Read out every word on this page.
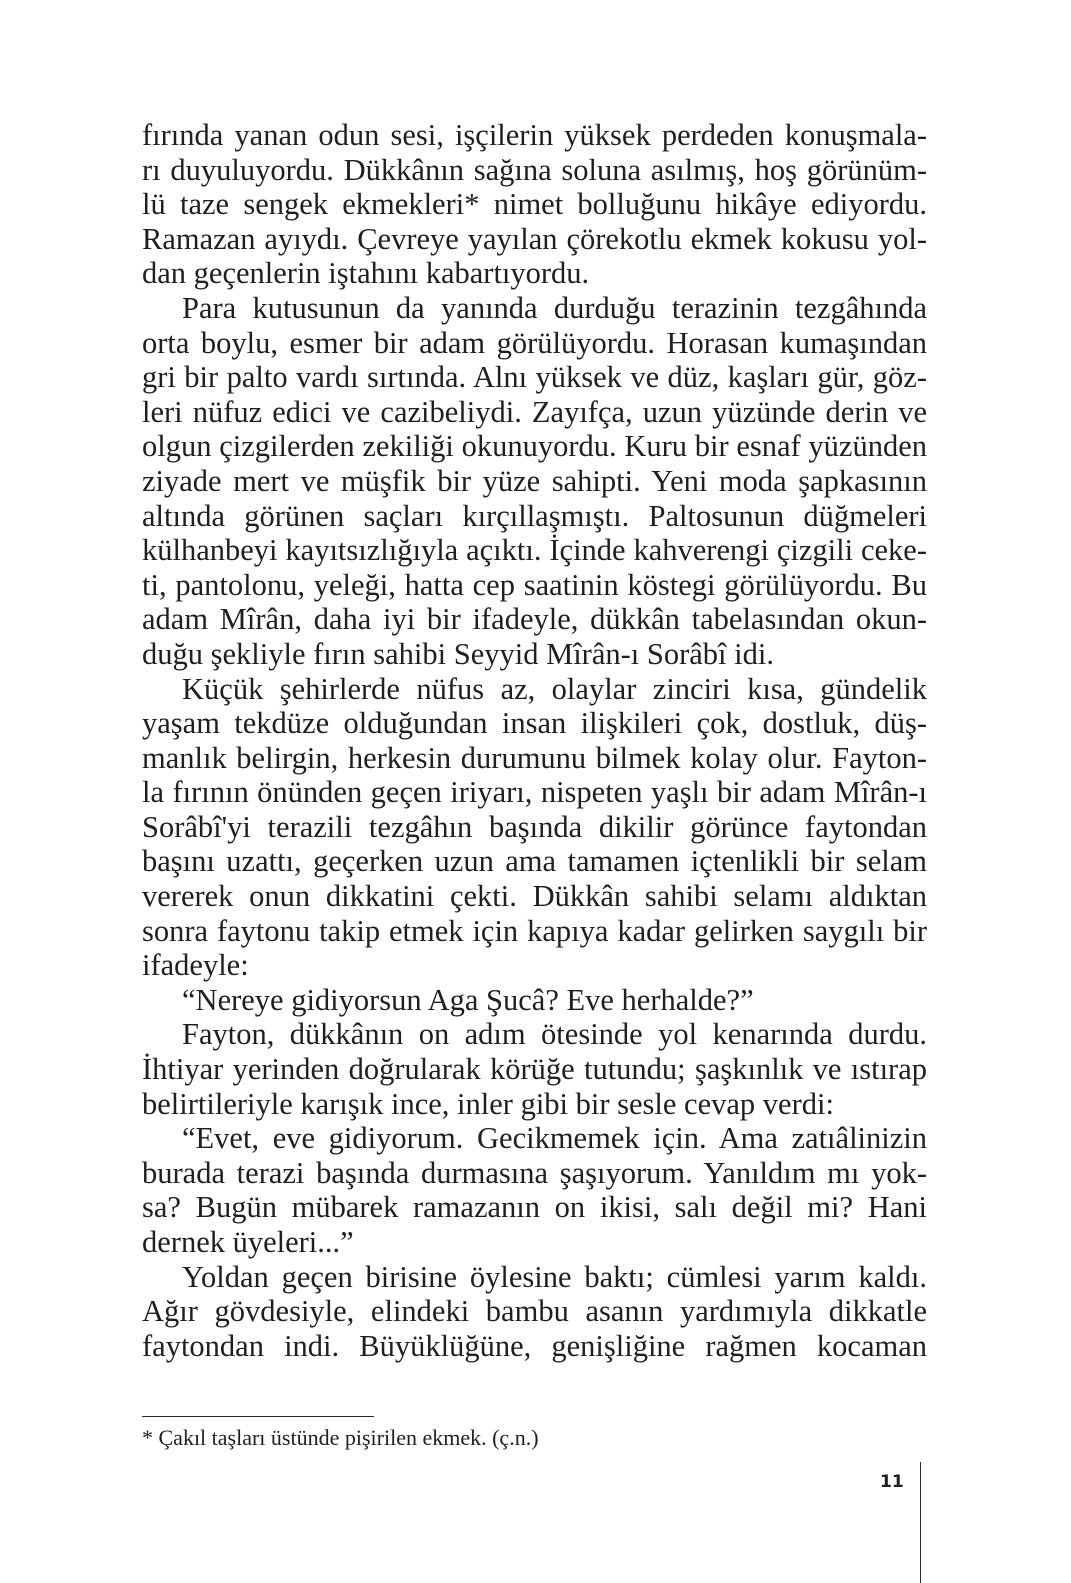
fırında yanan odun sesi, işçilerin yüksek perdeden konuşmala-
rı duyuluyordu. Dükkânın sağına soluna asılmış, hoş görünüm-
lü taze sengek ekmekleri* nimet bolluğunu hikâye ediyordu.
Ramazan ayıydı. Çevreye yayılan çörekotlu ekmek kokusu yol-
dan geçenlerin iştahını kabartıyordu.
Para kutusunun da yanında durduğu terazinin tezgâhında
orta boylu, esmer bir adam görülüyordu. Horasan kumaşından
gri bir palto vardı sırtında. Alnı yüksek ve düz, kaşları gür, göz-
leri nüfuz edici ve cazibeliydi. Zayıfça, uzun yüzünde derin ve
olgun çizgilerden zekiliği okunuyordu. Kuru bir esnaf yüzünden
ziyade mert ve müşfik bir yüze sahipti. Yeni moda şapkasının
altında görünen saçları kırçıllaşmıştı. Paltosunun düğmeleri
külhanbeyi kayıtsızlığıyla açıktı. İçinde kahverengi çizgili ceke-
ti, pantolonu, yeleği, hatta cep saatinin köstegi görülüyordu. Bu
adam Mîrân, daha iyi bir ifadeyle, dükkân tabelasından okun-
duğu şekliyle fırın sahibi Seyyid Mîrân-ı Sorâbî idi.
Küçük şehirlerde nüfus az, olaylar zinciri kısa, gündelik
yaşam tekdüze olduğundan insan ilişkileri çok, dostluk, düş-
manlık belirgin, herkesin durumunu bilmek kolay olur. Fayton-
la fırının önünden geçen iriyarı, nispeten yaşlı bir adam Mîrân-ı
Sorâbî'yi terazili tezgâhın başında dikilir görünce faytondan
başını uzattı, geçerken uzun ama tamamen içtenlikli bir selam
vererek onun dikkatini çekti. Dükkân sahibi selamı aldıktan
sonra faytonu takip etmek için kapıya kadar gelirken saygılı bir
ifadeyle:
“Nereye gidiyorsun Aga Şucâ? Eve herhalde?”
Fayton, dükkânın on adım ötesinde yol kenarında durdu.
İhtiyar yerinden doğrularak körüğe tutundu; şaşkınlık ve ıstırap
belirtileriyle karışık ince, inler gibi bir sesle cevap verdi:
“Evet, eve gidiyorum. Gecikmemek için. Ama zatıâlinizin
burada terazi başında durmasına şaşıyorum. Yanıldım mı yok-
sa? Bugün mübarek ramazanın on ikisi, salı değil mi? Hani
dernek üyeleri...”
Yoldan geçen birisine öylesine baktı; cümlesi yarım kaldı.
Ağır gövdesiyle, elindeki bambu asanın yardımıyla dikkatle
faytondan indi. Büyüklüğüne, genişliğine rağmen kocaman
* Çakıl taşları üstünde pişirilen ekmek. (ç.n.)
11
